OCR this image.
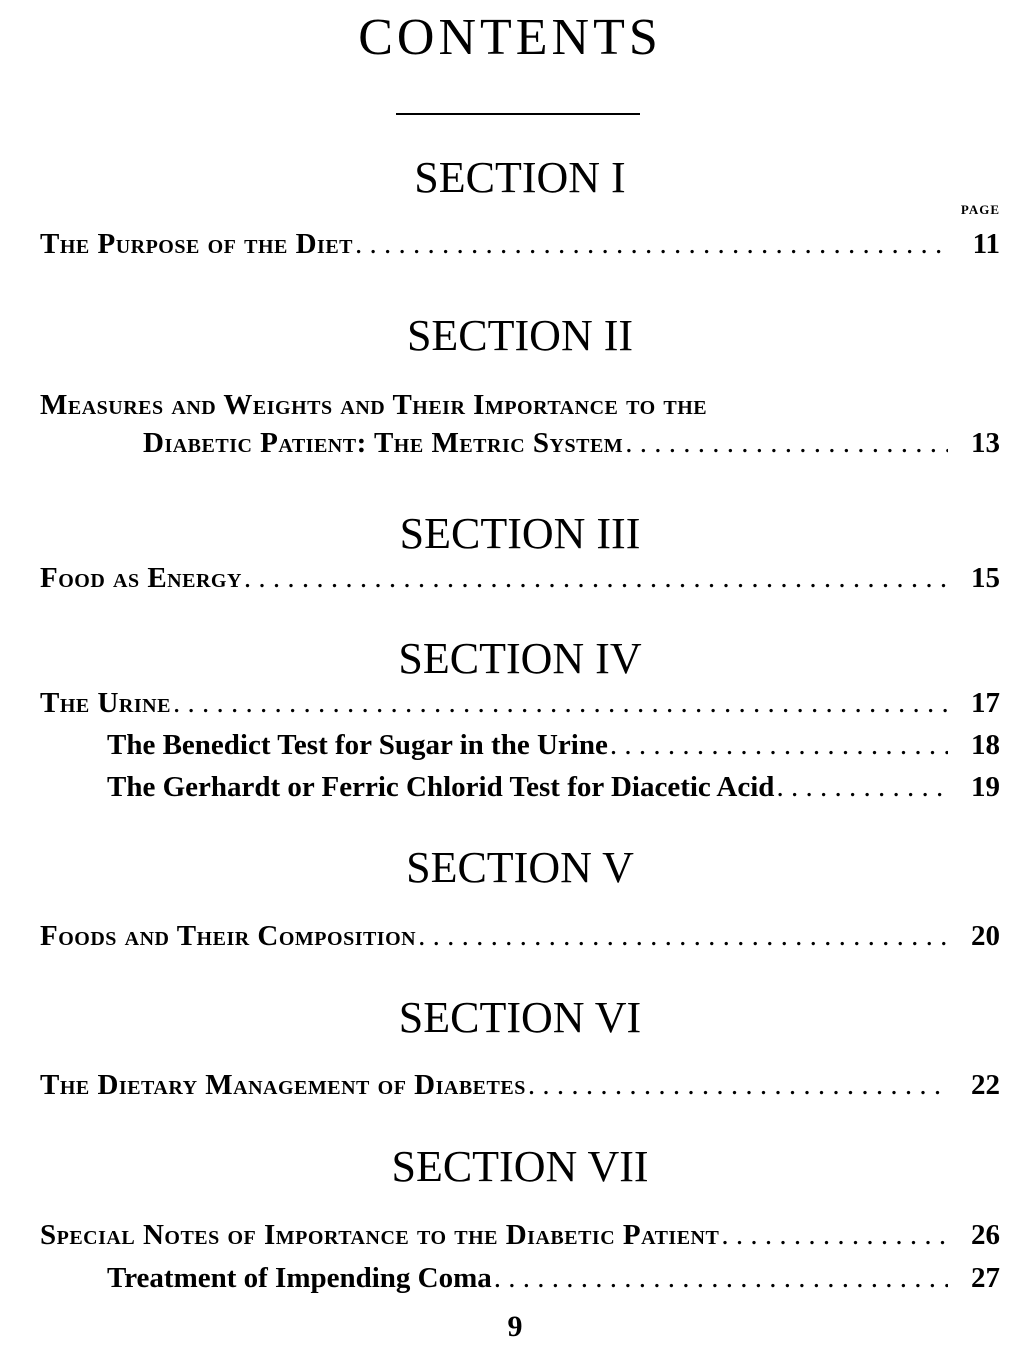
CONTENTS
SECTION I
PAGE
The Purpose of the Diet . . .	11
SECTION II
Measures and Weights and Their Importance to the
Diabetic Patient: The Metric System . . .	13
SECTION III
Food as Energy . . .	15
SECTION IV
The Urine . . .	17
The Benedict Test for Sugar in the Urine . . .	18
The Gerhardt or Ferric Chlorid Test for Diacetic Acid . . .	19
SECTION V
Foods and Their Composition . . .	20
SECTION VI
The Dietary Management of Diabetes . . .	22
SECTION VII
Special Notes of Importance to the Diabetic Patient . . .	26
Treatment of Impending Coma . . .	27
9
